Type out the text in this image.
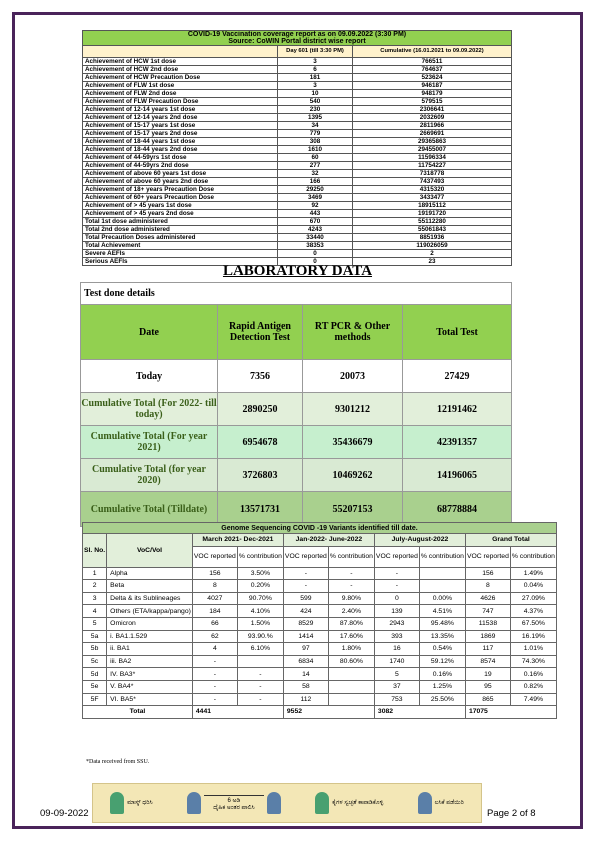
COVID-19 Vaccination coverage report as on 09.09.2022 (3:30 PM)
Source: CoWIN Portal district wise report		

	Day 601 (till 3:30 PM)	Cumulative (16.01.2021 to 09.09.2022)
Achievement of HCW 1st dose	3	766511
Achievement of HCW 2nd dose	6	764637
Achievement of HCW Precaution Dose	181	523624
Achievement of FLW 1st dose	3	946187
Achievement of FLW 2nd dose	10	948179
Achievement of FLW Precaution Dose	540	579515
Achievement of 12-14 years 1st dose	230	2306641
Achievement of 12-14 years 2nd dose	1395	2032609
Achievement of 15-17 years 1st dose	34	2811966
Achievement of 15-17 years 2nd dose	779	2669691
Achievement of 18-44 years 1st dose	308	29365863
Achievement of 18-44 years 2nd dose	1610	29455007
Achievement of 44-59yrs 1st dose	60	11596334
Achievement of 44-59yrs 2nd dose	277	11754227
Achievement of above 60 years 1st dose	32	7318778
Achievement of above 60 years 2nd dose	166	7437493
Achievement of 18+ years Precaution Dose	29250	4315320
Achievement of 60+ years Precaution Dose	3469	3433477
Achievement of > 45 years 1st dose	92	18915112
Achievement of > 45 years 2nd dose	443	19191720
Total 1st dose administered	670	55112280
Total 2nd dose administered	4243	55061843
Total Precaution Doses administered	33440	8851936
Total Achievement	38353	119026059
Severe AEFIs	0	2
Serious AEFIs	0	23
LABORATORY DATA
Test done details			
Date	Rapid Antigen Detection Test	RT PCR & Other methods	Total Test
Today	7356	20073	27429
Cumulative Total (For 2022- till today)	2890250	9301212	12191462
Cumulative Total (For year 2021)	6954678	35436679	42391357
Cumulative Total (for year 2020)	3726803	10469262	14196065
Cumulative Total (Tilldate)	13571731	55207153	68778884
Genome Sequencing COVID -19 Variants identified till date.									
Sl. No.	VoC/VoI	March 2021- Dec-2021		Jan-2022- June-2022		July-August-2022		Grand Total	
		VOC reported	% contribution	VOC reported	% contribution	VOC reported	% contribution	VOC reported	% contribution
1	Alpha	156	3.50%	-	-	-		156	1.49%
2	Beta	8	0.20%	-	-	-		8	0.04%
3	Delta & its Sublineages	4027	90.70%	599	9.80%	0	0.00%	4626	27.09%
4	Others (ETA/kappa/pango)	184	4.10%	424	2.40%	139	4.51%	747	4.37%
5	Omicron	66	1.50%	8529	87.80%	2943	95.48%	11538	67.50%
5a	i. BA1.1.529	62	93.90.%	1414	17.60%	393	13.35%	1869	16.19%
5b	ii. BA1	4	6.10%	97	1.80%	16	0.54%	117	1.01%
5c	iii. BA2	-		6834	80.60%	1740	59.12%	8574	74.30%
5d	IV. BA3*	-	-	14		5	0.16%	19	0.16%
5e	V. BA4*	-	-	58		37	1.25%	95	0.82%
5F	VI. BA5*	-	-	112		753	25.50%	865	7.49%
Total		4441		9552		3082		17075	
*Data received from SSU.
ಮಾಸ್ಕ್ ಧರಿಸಿ	6 ಅಡಿ
ದೈಹಿಕ ಅಂತರ ಪಾಲಿಸಿ
ಕೈಗಳ ಸ್ವಚ್ಛತೆ ಕಾಪಾಡಿಕೊಳ್ಳಿ	ಲಸಿಕೆ ಪಡೆಯಿರಿ
09-09-2022	Page 2 of 8
